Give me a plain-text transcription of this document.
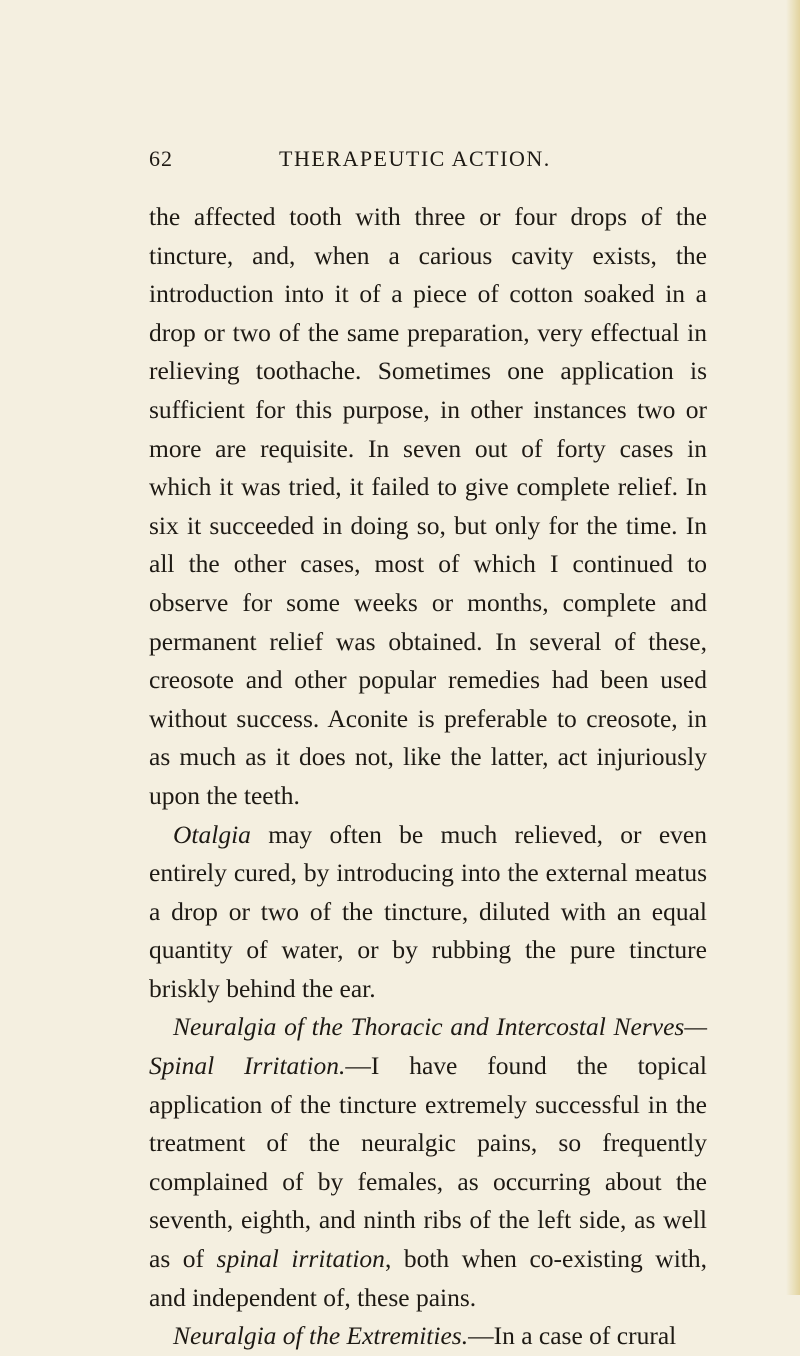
62	THERAPEUTIC ACTION.

the affected tooth with three or four drops of the tincture, and, when a carious cavity exists, the introduction into it of a piece of cotton soaked in a drop or two of the same preparation, very effectual in relieving toothache. Sometimes one application is sufficient for this purpose, in other instances two or more are requisite. In seven out of forty cases in which it was tried, it failed to give complete relief. In six it succeeded in doing so, but only for the time. In all the other cases, most of which I continued to observe for some weeks or months, complete and permanent relief was obtained. In several of these, creosote and other popular remedies had been used without success. Aconite is preferable to creosote, in as much as it does not, like the latter, act injuriously upon the teeth.

Otalgia may often be much relieved, or even entirely cured, by introducing into the external meatus a drop or two of the tincture, diluted with an equal quantity of water, or by rubbing the pure tincture briskly behind the ear.

Neuralgia of the Thoracic and Intercostal Nerves—Spinal Irritation.—I have found the topical application of the tincture extremely successful in the treatment of the neuralgic pains, so frequently complained of by females, as occurring about the seventh, eighth, and ninth ribs of the left side, as well as of spinal irritation, both when co-existing with, and independent of, these pains.

Neuralgia of the Extremities.—In a case of crural
